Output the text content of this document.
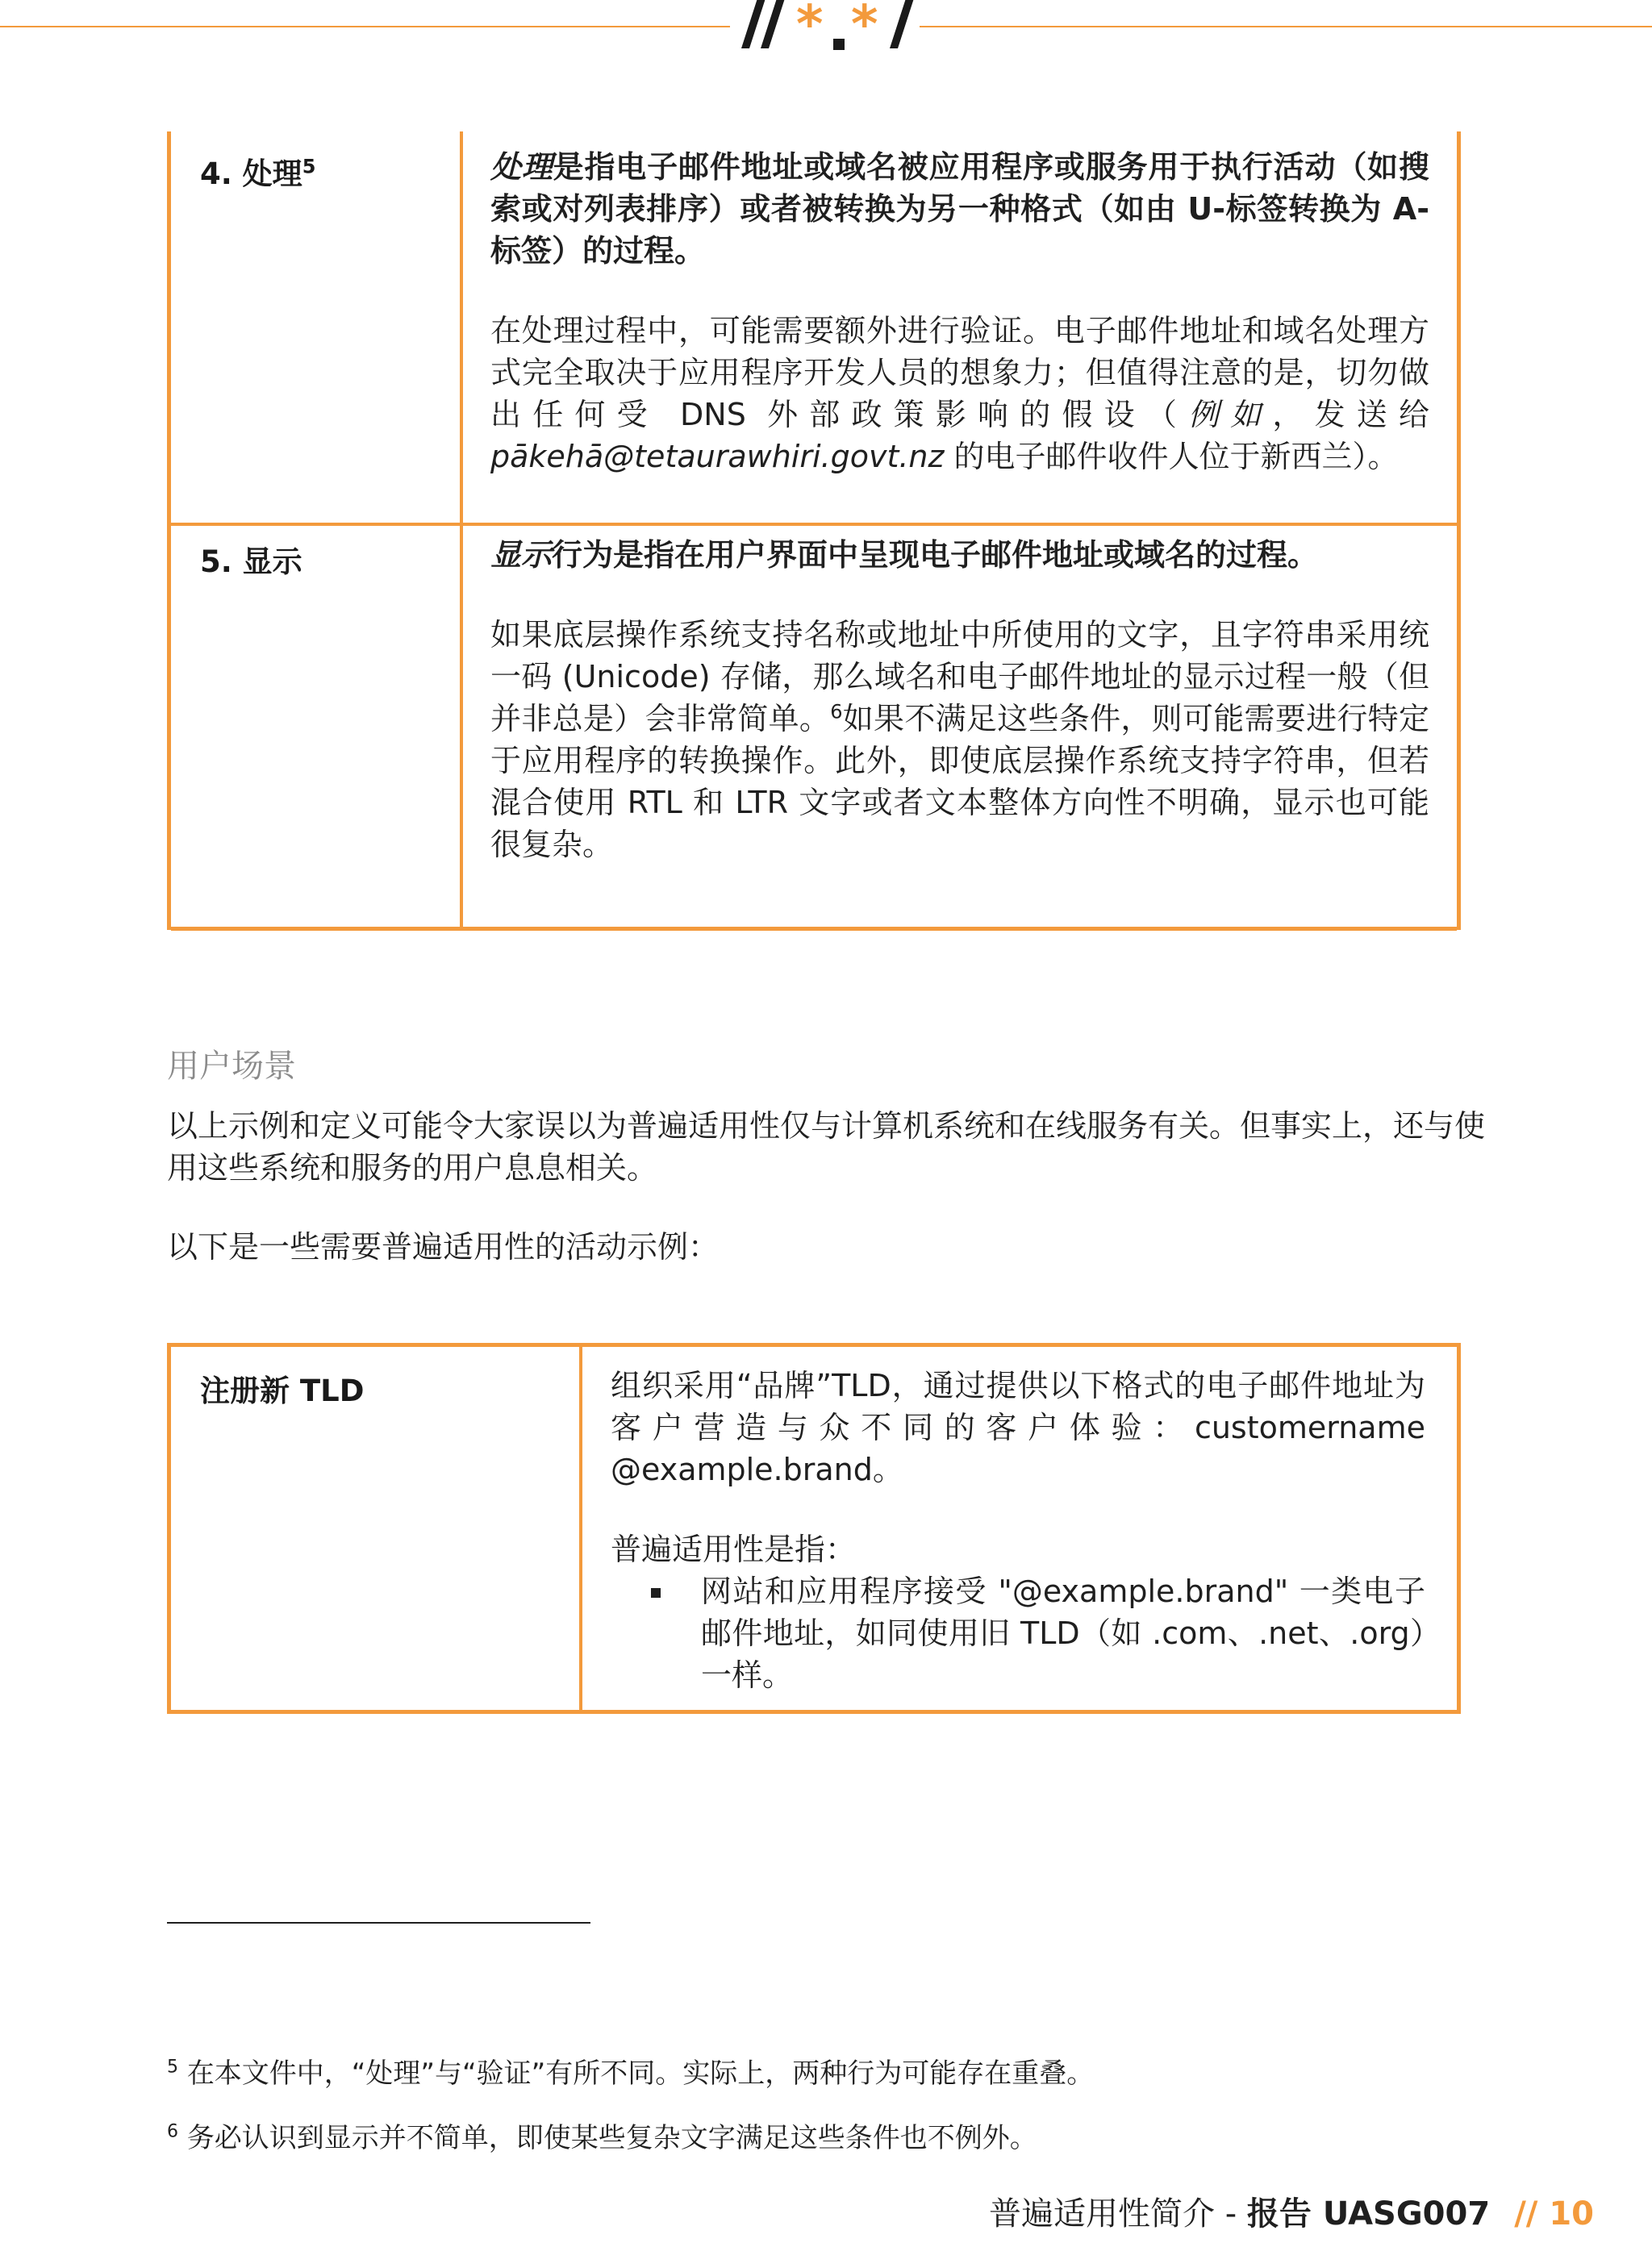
* *
4. 处理$^5$	处理是指电子邮件地址或域名被应用程序或服务用于执行活动（如搜索或对列表排序）或者被转换为另一种格式（如由 U-标签转换为 A-标签）的过程。

在处理过程中，可能需要额外进行验证。电子邮件地址和域名处理方式完全取决于应用程序开发人员的想象力；但值得注意的是，切勿做出任何受 DNS 外部政策影响的假设（例如，发送给 pākehā@tetaurawhiri.govt.nz 的电子邮件收件人位于新西兰）。

5. 显示	显示行为是指在用户界面中呈现电子邮件地址或域名的过程。

如果底层操作系统支持名称或地址中所使用的文字，且字符串采用统一码 (Unicode) 存储，那么域名和电子邮件地址的显示过程一般（但并非总是）会非常简单。$^6$如果不满足这些条件，则可能需要进行特定于应用程序的转换操作。此外，即使底层操作系统支持字符串，但若混合使用 RTL 和 LTR 文字或者文本整体方向性不明确，显示也可能很复杂。

用户场景
以上示例和定义可能令大家误以为普遍适用性仅与计算机系统和在线服务有关。但事实上，还与使用这些系统和服务的用户息息相关。
以下是一些需要普遍适用性的活动示例：
注册新 TLD	组织采用“品牌”TLD，通过提供以下格式的电子邮件地址为客户营造与众不同的客户体验：customername @example.brand。

普遍适用性是指：
网站和应用程序接受 "@example.brand" 一类电子邮件地址，如同使用旧 TLD（如 .com、.net、.org）一样。
$^5$ 在本文件中，“处理”与“验证”有所不同。实际上，两种行为可能存在重叠。
$^6$ 务必认识到显示并不简单，即使某些复杂文字满足这些条件也不例外。
普遍适用性简介 - 报告 UASG007 // 10
